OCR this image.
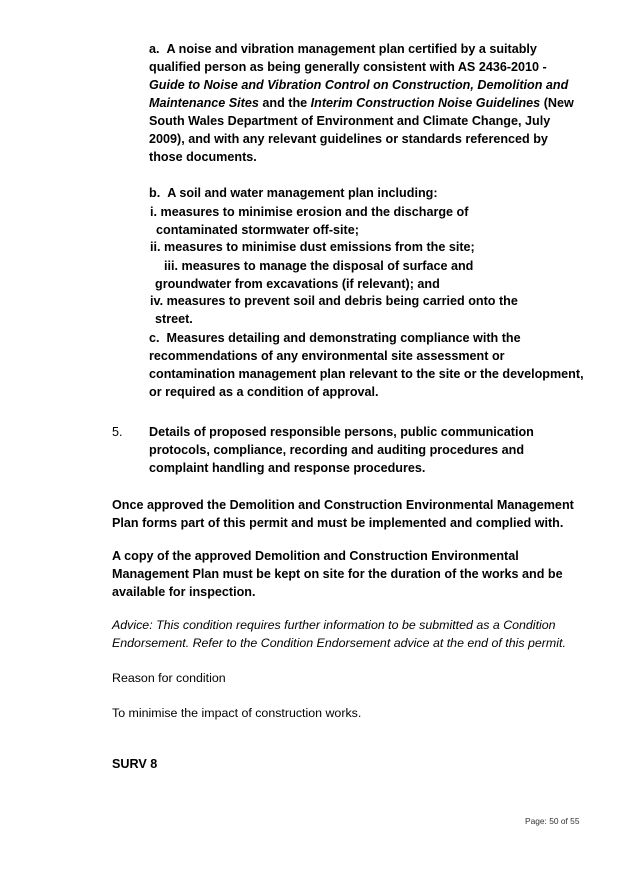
a.  A noise and vibration management plan certified by a suitably
qualified person as being generally consistent with AS 2436-2010 -
Guide to Noise and Vibration Control on Construction, Demolition and
Maintenance Sites and the Interim Construction Noise Guidelines (New
South Wales Department of Environment and Climate Change, July
2009), and with any relevant guidelines or standards referenced by
those documents.
b.  A soil and water management plan including:
i. measures to minimise erosion and the discharge of
contaminated stormwater off-site;
ii. measures to minimise dust emissions from the site;
iii. measures to manage the disposal of surface and
groundwater from excavations (if relevant); and
iv. measures to prevent soil and debris being carried onto the
street.
c.  Measures detailing and demonstrating compliance with the
recommendations of any environmental site assessment or
contamination management plan relevant to the site or the development,
or required as a condition of approval.
5. Details of proposed responsible persons, public communication
protocols, compliance, recording and auditing procedures and
complaint handling and response procedures.
Once approved the Demolition and Construction Environmental Management
Plan forms part of this permit and must be implemented and complied with.
A copy of the approved Demolition and Construction Environmental
Management Plan must be kept on site for the duration of the works and be
available for inspection.
Advice: This condition requires further information to be submitted as a Condition
Endorsement. Refer to the Condition Endorsement advice at the end of this permit.
Reason for condition
To minimise the impact of construction works.
SURV 8
Page: 50 of 55
